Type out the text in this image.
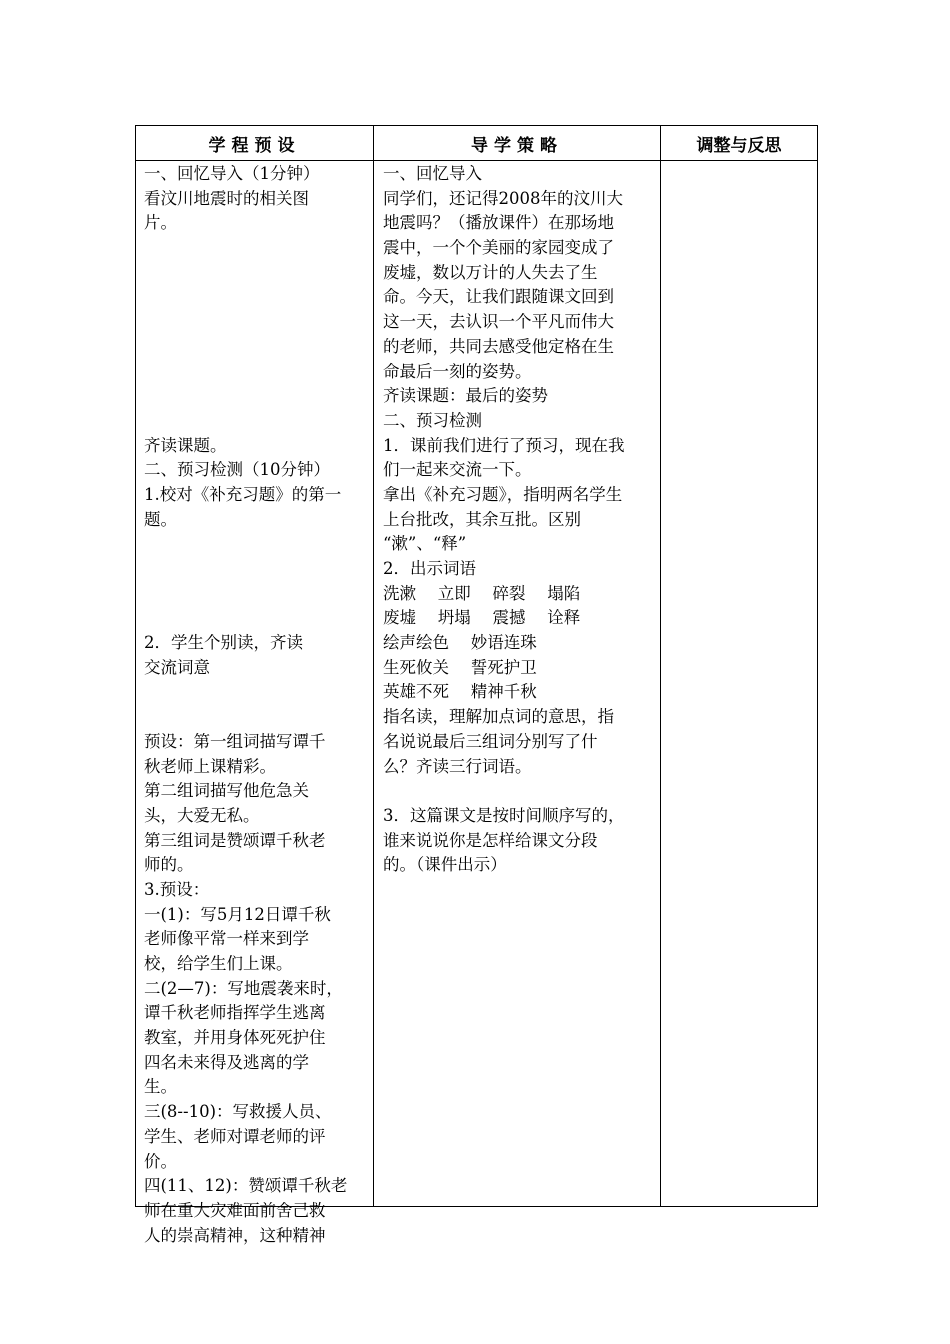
学程预设	导学策略	调整与反思
一、回忆导入（1分钟）
看汶川地震时的相关图
片。
齐读课题。
二、预习检测（10分钟）
1.校对《补充习题》的第一
题。
2．学生个别读，齐读
交流词意
预设：第一组词描写谭千
秋老师上课精彩。
第二组词描写他危急关
头，大爱无私。
第三组词是赞颂谭千秋老
师的。
3.预设：
一(1)：写5月12日谭千秋
老师像平常一样来到学
校，给学生们上课。
二(2—7)：写地震袭来时，
谭千秋老师指挥学生逃离
教室，并用身体死死护住
四名未来得及逃离的学
生。
三(8--10)：写救援人员、
学生、老师对谭老师的评
价。
四(11、12)：赞颂谭千秋老
师在重大灾难面前舍己救
人的崇高精神，这种精神
一、回忆导入
同学们，还记得2008年的汶川大
地震吗？（播放课件）在那场地
震中，一个个美丽的家园变成了
废墟，数以万计的人失去了生
命。今天，让我们跟随课文回到
这一天，去认识一个平凡而伟大
的老师，共同去感受他定格在生
命最后一刻的姿势。
齐读课题：最后的姿势
二、预习检测
1．课前我们进行了预习，现在我
们一起来交流一下。
拿出《补充习题》，指明两名学生
上台批改，其余互批。区别
“漱”、“释”
2．出示词语
洗漱　 立即　 碎裂　 塌陷
废墟　 坍塌　 震撼　 诠释
绘声绘色　 妙语连珠
生死攸关　 誓死护卫
英雄不死　 精神千秋
指名读，理解加点词的意思，指
名说说最后三组词分别写了什
么？齐读三行词语。
3．这篇课文是按时间顺序写的，
谁来说说你是怎样给课文分段
的。（课件出示）
